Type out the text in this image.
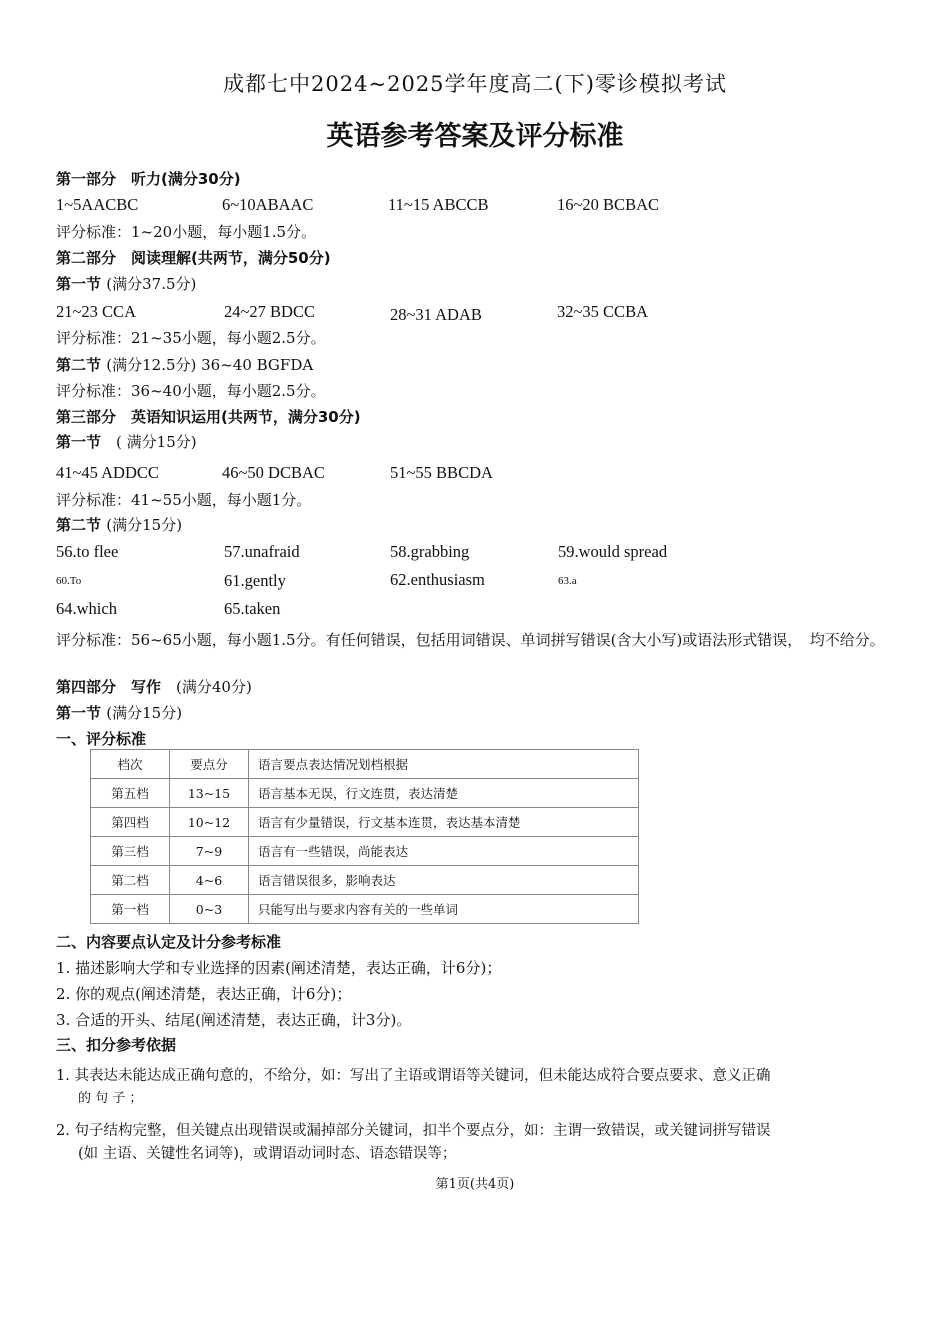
成都七中2024~2025学年度高二(下)零诊模拟考试
英语参考答案及评分标准
第一部分　听力(满分30分)
1~5AACBC	6~10ABAAC	11~15 ABCCB	16~20 BCBAC
评分标准：1~20小题，每小题1.5分。
第二部分　阅读理解(共两节，满分50分)
第一节 (满分37.5分)
21~23 CCA	24~27 BDCC	28~31 ADAB	32~35 CCBA
评分标准：21~35小题，每小题2.5分。
第二节 (满分12.5分) 36~40 BGFDA
评分标准：36~40小题，每小题2.5分。
第三部分　英语知识运用(共两节，满分30分)
第一节　 ( 满分15分)
41~45 ADDCC	46~50 DCBAC	51~55 BBCDA
评分标准：41~55小题，每小题1分。
第二节 (满分15分)
56.to flee	57.unafraid	58.grabbing	59.would spread
60.To	61.gently	62.enthusiasm	63.a
64.which	65.taken
评分标准：56~65小题，每小题1.5分。有任何错误，包括用词错误、单词拼写错误(含大小写)或语法形式错误，　均不给分。
第四部分　写作　 (满分40分)
第一节 (满分15分)
一、评分标准
档次	要点分	语言要点表达情况划档根据
第五档	13~15	语言基本无误，行文连贯，表达清楚
第四档	10~12	语言有少量错误，行文基本连贯，表达基本清楚
第三档	7~9	语言有一些错误，尚能表达
第二档	4~6	语言错误很多，影响表达
第一档	0~3	只能写出与要求内容有关的一些单词
二、内容要点认定及计分参考标准
1. 描述影响大学和专业选择的因素(阐述清楚，表达正确，计6分)；
2. 你的观点(阐述清楚，表达正确，计6分)；
3. 合适的开头、结尾(阐述清楚，表达正确，计3分)。
三、扣分参考依据
1. 其表达未能达成正确句意的，不给分，如：写出了主语或谓语等关键词，但未能达成符合要点要求、意义正确
的 句 子 ；
2. 句子结构完整，但关键点出现错误或漏掉部分关键词，扣半个要点分，如：主谓一致错误，或关键词拼写错误
(如 主语、关键性名词等)，或谓语动词时态、语态错误等；
第1页(共4页)
